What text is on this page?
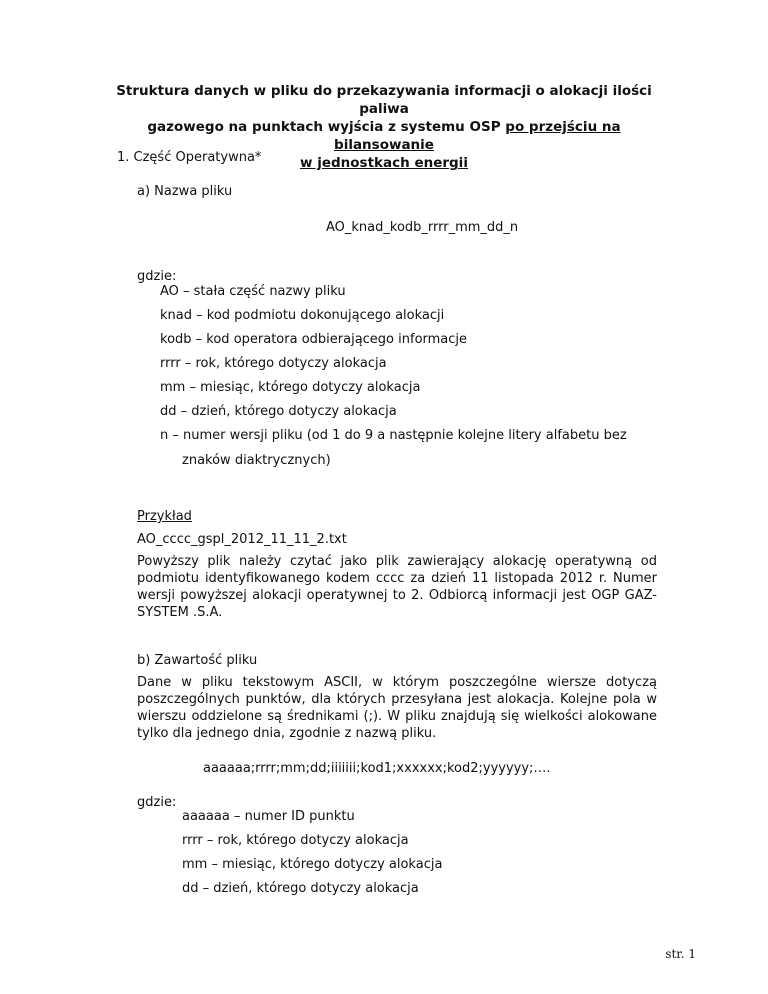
Struktura danych w pliku do przekazywania informacji o alokacji ilości paliwa
gazowego na punktach wyjścia z systemu OSP po przejściu na bilansowanie
w jednostkach energii
1. Część Operatywna*
a) Nazwa pliku
AO_knad_kodb_rrrr_mm_dd_n
gdzie:
AO – stała część nazwy pliku
knad – kod podmiotu dokonującego alokacji
kodb – kod operatora odbierającego informacje
rrrr – rok, którego dotyczy alokacja
mm – miesiąc, którego dotyczy alokacja
dd – dzień, którego dotyczy alokacja
n – numer wersji pliku (od 1 do 9 a następnie kolejne litery alfabetu bez
znaków diaktrycznych)
Przykład
AO_cccc_gspl_2012_11_11_2.txt
Powyższy plik należy czytać jako plik zawierający alokację operatywną od podmiotu identyfikowanego kodem cccc za dzień 11 listopada 2012 r. Numer wersji powyższej alokacji operatywnej to 2. Odbiorcą informacji jest OGP GAZ-SYSTEM .S.A.
b) Zawartość pliku
Dane w pliku tekstowym ASCII, w którym poszczególne wiersze dotyczą poszczególnych punktów, dla których przesyłana jest alokacja. Kolejne pola w wierszu oddzielone są średnikami (;). W pliku znajdują się wielkości alokowane tylko dla jednego dnia, zgodnie z nazwą pliku.
aaaaaa;rrrr;mm;dd;iiiiiii;kod1;xxxxxx;kod2;yyyyyy;….
gdzie:
aaaaaa – numer ID punktu
rrrr – rok, którego dotyczy alokacja
mm – miesiąc, którego dotyczy alokacja
dd – dzień, którego dotyczy alokacja
str. 1
